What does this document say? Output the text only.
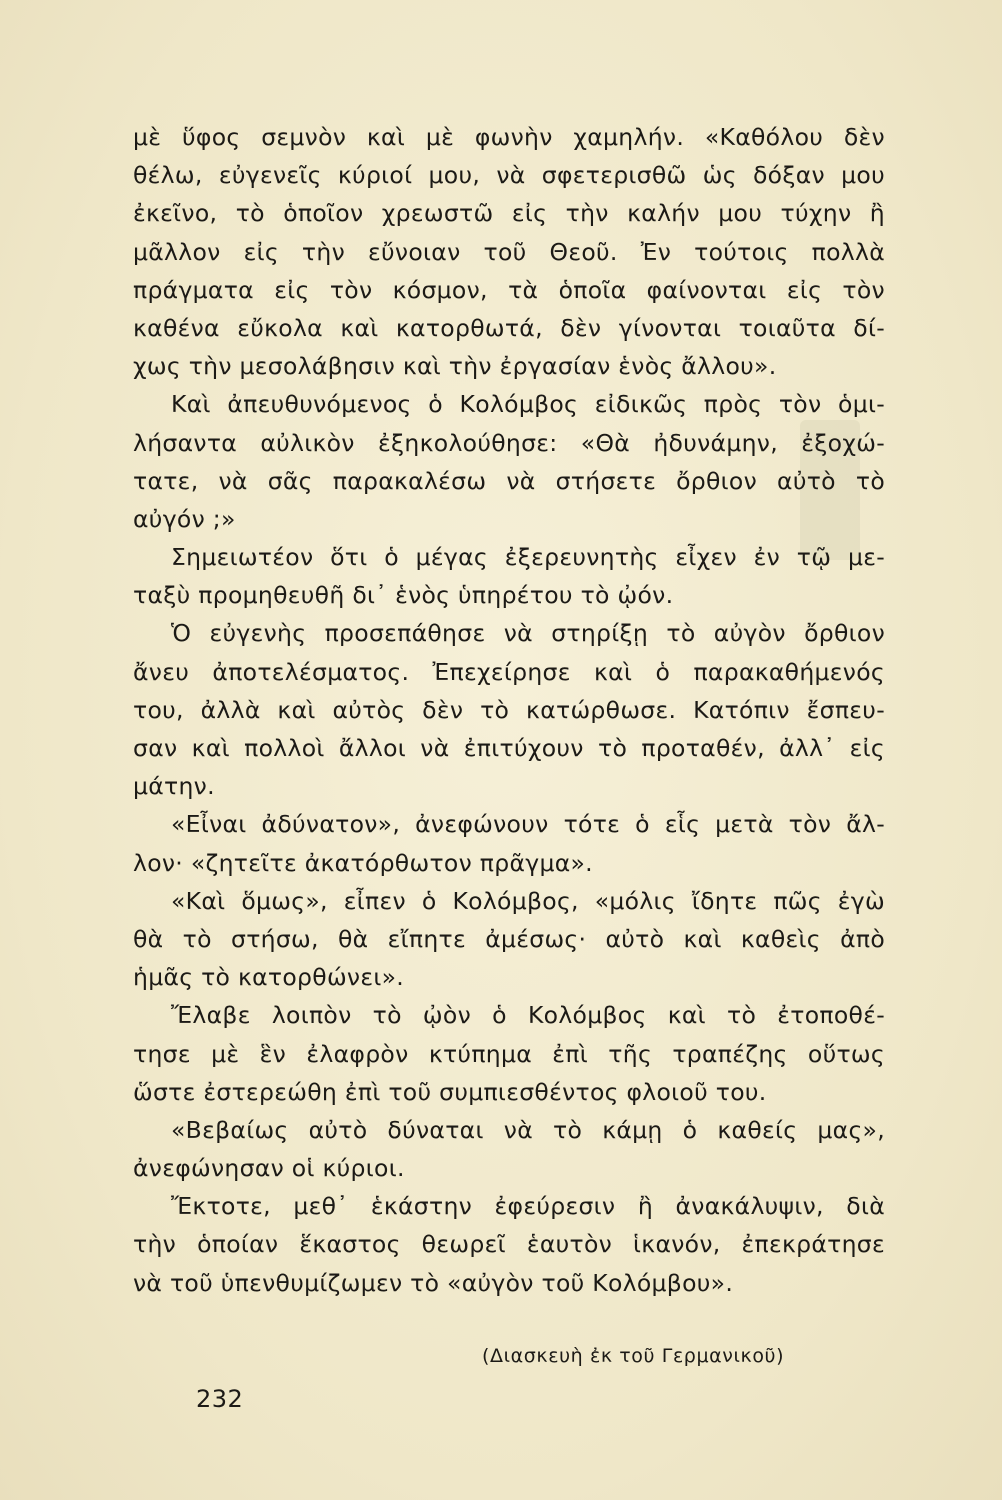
μὲ ὕφος σεμνὸν καὶ μὲ φωνὴν χαμηλήν. «Καθόλου δὲν
θέλω, εὐγενεῖς κύριοί μου, νὰ σφετερισθῶ ὡς δόξαν μου
ἐκεῖνο, τὸ ὁποῖον χρεωστῶ εἰς τὴν καλήν μου τύχην ἢ
μᾶλλον εἰς τὴν εὔνοιαν τοῦ Θεοῦ. Ἐν τούτοις πολλὰ
πράγματα εἰς τὸν κόσμον, τὰ ὁποῖα φαίνονται εἰς τὸν
καθένα εὔκολα καὶ κατορθωτά, δὲν γίνονται τοιαῦτα δί-
χως τὴν μεσολάβησιν καὶ τὴν ἐργασίαν ἑνὸς ἄλλου».
Καὶ ἀπευθυνόμενος ὁ Κολόμβος εἰδικῶς πρὸς τὸν ὁμι-
λήσαντα αὐλικὸν ἐξηκολούθησε: «Θὰ ἠδυνάμην, ἐξοχώ-
τατε, νὰ σᾶς παρακαλέσω νὰ στήσετε ὄρθιον αὐτὸ τὸ
αὐγόν ;»
Σημειωτέον ὅτι ὁ μέγας ἐξερευνητὴς εἶχεν ἐν τῷ με-
ταξὺ προμηθευθῆ δι᾿ ἑνὸς ὑπηρέτου τὸ ᾠόν.
Ὁ εὐγενὴς προσεπάθησε νὰ στηρίξῃ τὸ αὐγὸν ὄρθιον
ἄνευ ἀποτελέσματος. Ἐπεχείρησε καὶ ὁ παρακαθήμενός
του, ἀλλὰ καὶ αὐτὸς δὲν τὸ κατώρθωσε. Κατόπιν ἔσπευ-
σαν καὶ πολλοὶ ἄλλοι νὰ ἐπιτύχουν τὸ προταθέν, ἀλλ᾿ εἰς
μάτην.
«Εἶναι ἀδύνατον», ἀνεφώνουν τότε ὁ εἷς μετὰ τὸν ἄλ-
λον· «ζητεῖτε ἀκατόρθωτον πρᾶγμα».
«Καὶ ὅμως», εἶπεν ὁ Κολόμβος, «μόλις ἴδητε πῶς ἐγὼ
θὰ τὸ στήσω, θὰ εἴπητε ἀμέσως· αὐτὸ καὶ καθεὶς ἀπὸ
ἡμᾶς τὸ κατορθώνει».
Ἔλαβε λοιπὸν τὸ ᾠὸν ὁ Κολόμβος καὶ τὸ ἐτοποθέ-
τησε μὲ ἓν ἐλαφρὸν κτύπημα ἐπὶ τῆς τραπέζης οὕτως
ὥστε ἐστερεώθη ἐπὶ τοῦ συμπιεσθέντος φλοιοῦ του.
«Βεβαίως αὐτὸ δύναται νὰ τὸ κάμῃ ὁ καθείς μας»,
ἀνεφώνησαν οἱ κύριοι.
Ἔκτοτε, μεθ᾿ ἑκάστην ἐφεύρεσιν ἢ ἀνακάλυψιν, διὰ
τὴν ὁποίαν ἕκαστος θεωρεῖ ἑαυτὸν ἱκανόν, ἐπεκράτησε
νὰ τοῦ ὑπενθυμίζωμεν τὸ «αὐγὸν τοῦ Κολόμβου».
(Διασκευὴ ἐκ τοῦ Γερμανικοῦ)
232
